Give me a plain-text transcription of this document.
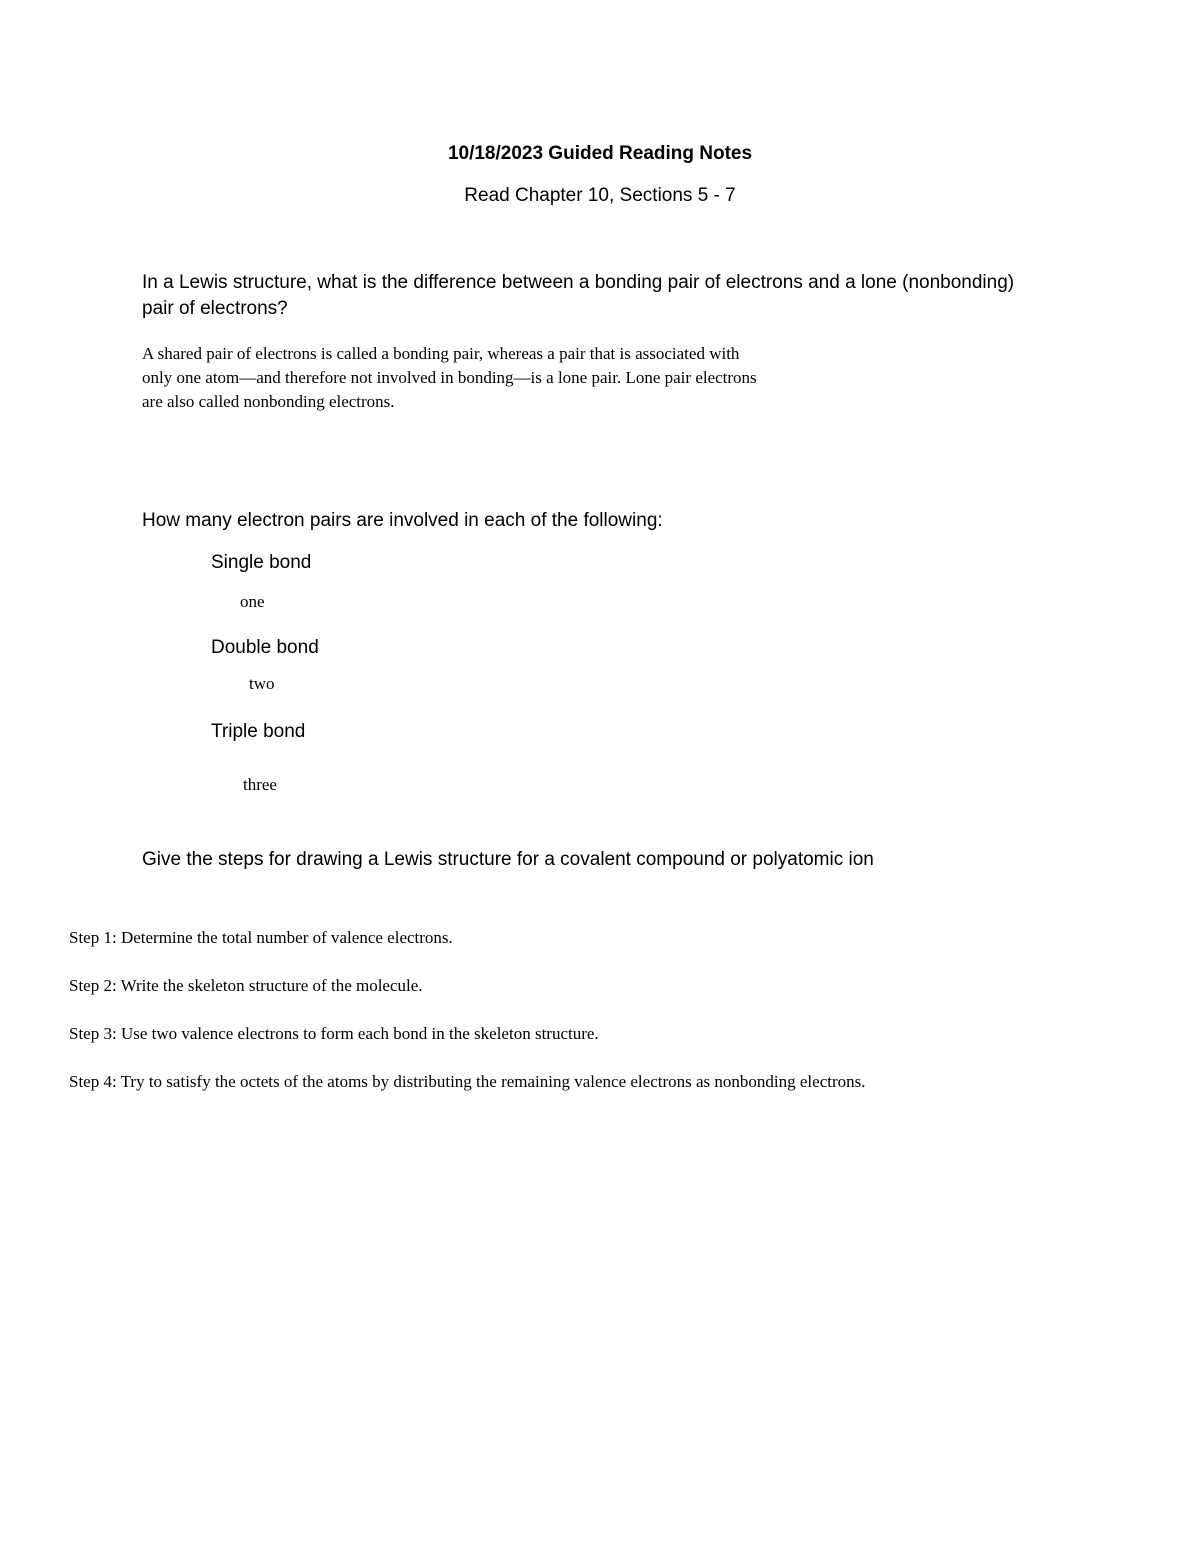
10/18/2023 Guided Reading Notes

Read Chapter 10, Sections 5 - 7

In a Lewis structure, what is the difference between a bonding pair of electrons and a lone (nonbonding) pair of electrons?

A shared pair of electrons is called a bonding pair, whereas a pair that is associated with
only one atom—and therefore not involved in bonding—is a lone pair. Lone pair electrons
are also called nonbonding electrons.

How many electron pairs are involved in each of the following:

Single bond

one

Double bond

two

Triple bond

three

Give the steps for drawing a Lewis structure for a covalent compound or polyatomic ion

Step 1: Determine the total number of valence electrons.

Step 2: Write the skeleton structure of the molecule.

Step 3: Use two valence electrons to form each bond in the skeleton structure.

Step 4: Try to satisfy the octets of the atoms by distributing the remaining valence electrons as nonbonding electrons.
